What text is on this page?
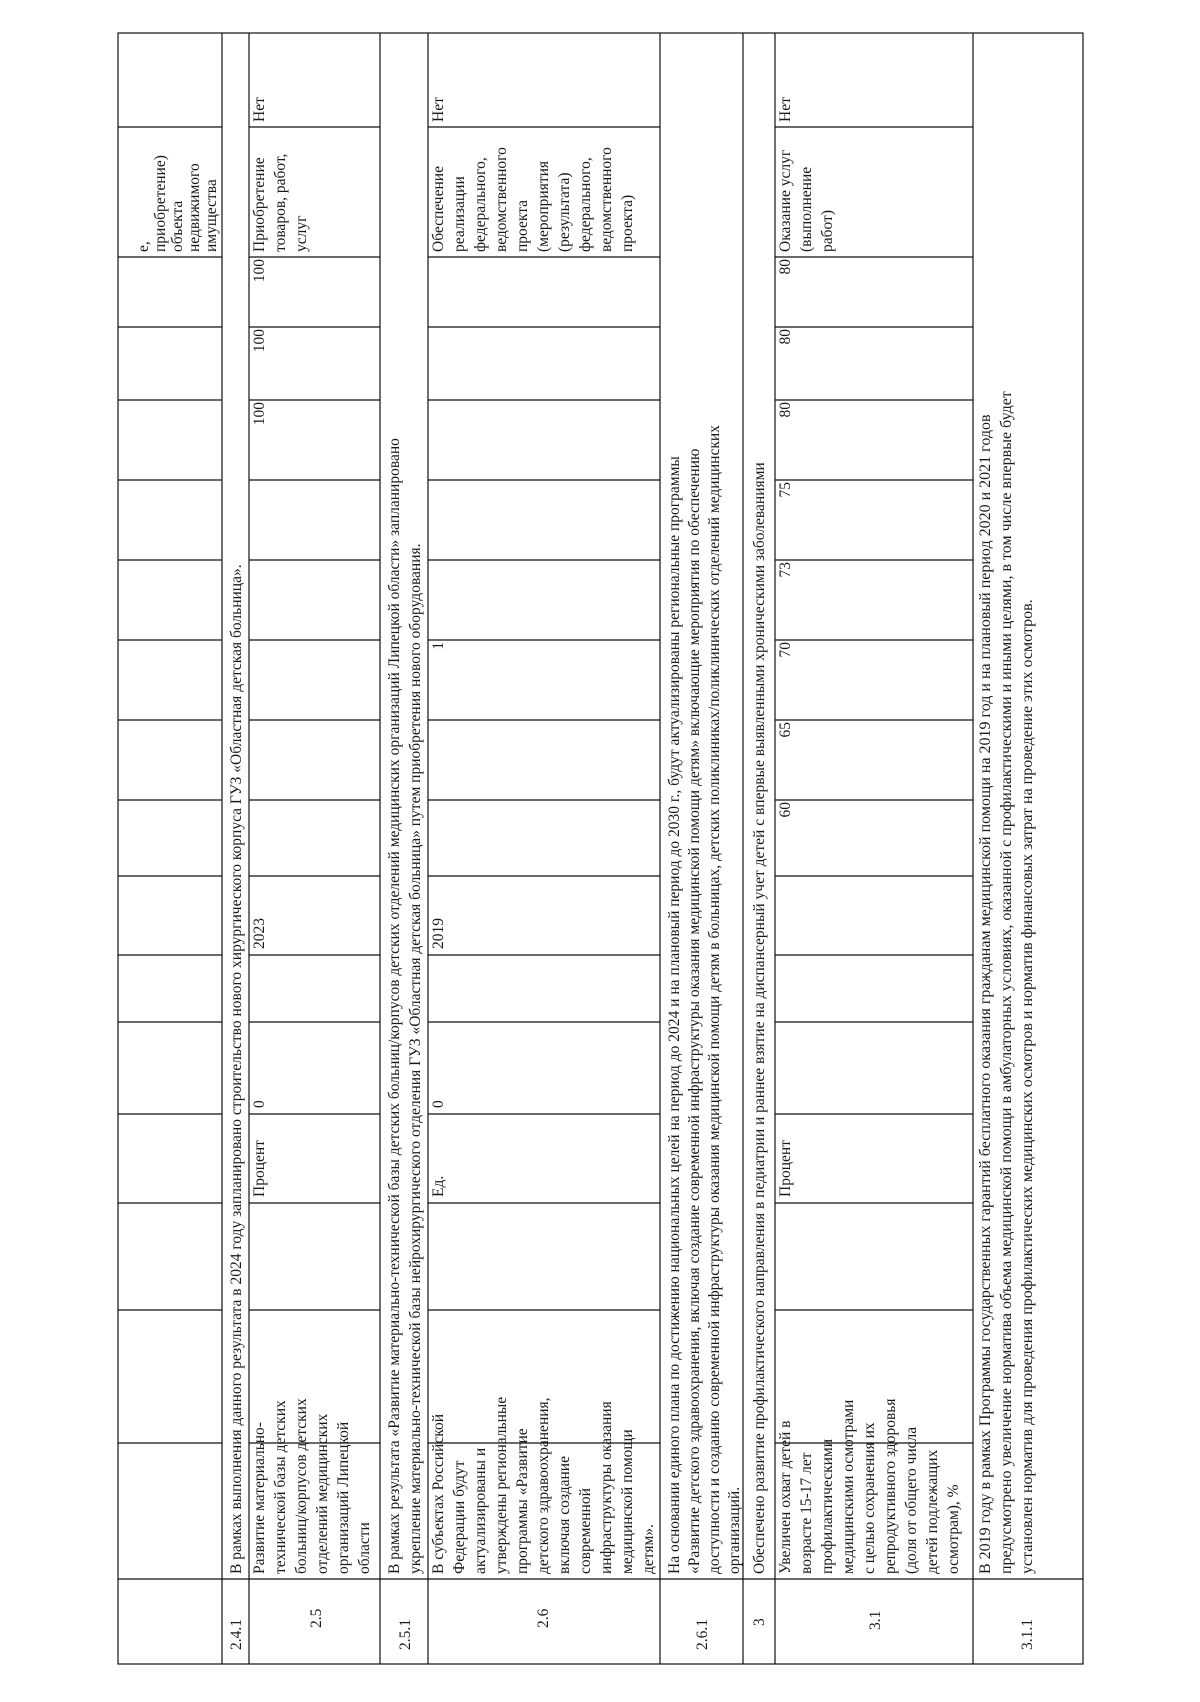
е, приобретение) объекта недвижимого имущества
2.4.1
В рамках выполнения данного результата в 2024 году запланировано строительство нового хирургического корпуса ГУЗ «Областная детская больница».
2.5
Развитие материально- технической базы детских больниц/корпусов детских отделений медицинских организаций Липецкой области
Процент
0
2023
100
100
100
Приобретение товаров, работ, услуг
Нет
2.5.1
В рамках результата «Развитие материально-технической базы детских больниц/корпусов детских отделений медицинских организаций Липецкой области» запланировано укрепление материально-технической базы нейрохирургического отделения ГУЗ «Областная детская больница» путем приобретения нового оборудования.
2.6
В субъектах Российской Федерации будут актуализированы и утверждены региональные программы «Развитие детского здравоохранения, включая создание современной инфраструктуры оказания медицинской помощи детям».
Ед.
0
2019
1
Обеспечение реализации федерального, ведомственного проекта (мероприятия (результата) федерального, ведомственного проекта)
Нет
2.6.1
На основании единого плана по достижению национальных целей на период до 2024 и на плановый период до 2030 г., будут актуализированы региональные программы «Развитие детского здравоохранения, включая создание современной инфраструктуры оказания медицинской помощи детям» включающие мероприятия по обеспечению доступности и созданию современной инфраструктуры оказания медицинской помощи детям в больницах, детских поликлиниках/поликлинических отделений медицинских организаций.
3
Обеспечено развитие профилактического направления в педиатрии и раннее взятие на диспансерный учет детей с впервые выявленными хроническими заболеваниями
3.1
Увеличен охват детей в возрасте 15-17 лет профилактическими медицинскими осмотрами с целью сохранения их репродуктивного здоровья (доля от общего числа детей подлежащих осмотрам), %
Процент
60
65
70
73
75
80
80
80
Оказание услуг (выполнение работ)
Нет
3.1.1
В 2019 году в рамках Программы государственных гарантий бесплатного оказания гражданам медицинской помощи на 2019 год и на плановый период 2020 и 2021 годов предусмотрено увеличение норматива объема медицинской помощи в амбулаторных условиях, оказанной с профилактическими и иными целями, в том числе впервые будет установлен норматив для проведения профилактических медицинских осмотров и норматив финансовых затрат на проведение этих осмотров.
